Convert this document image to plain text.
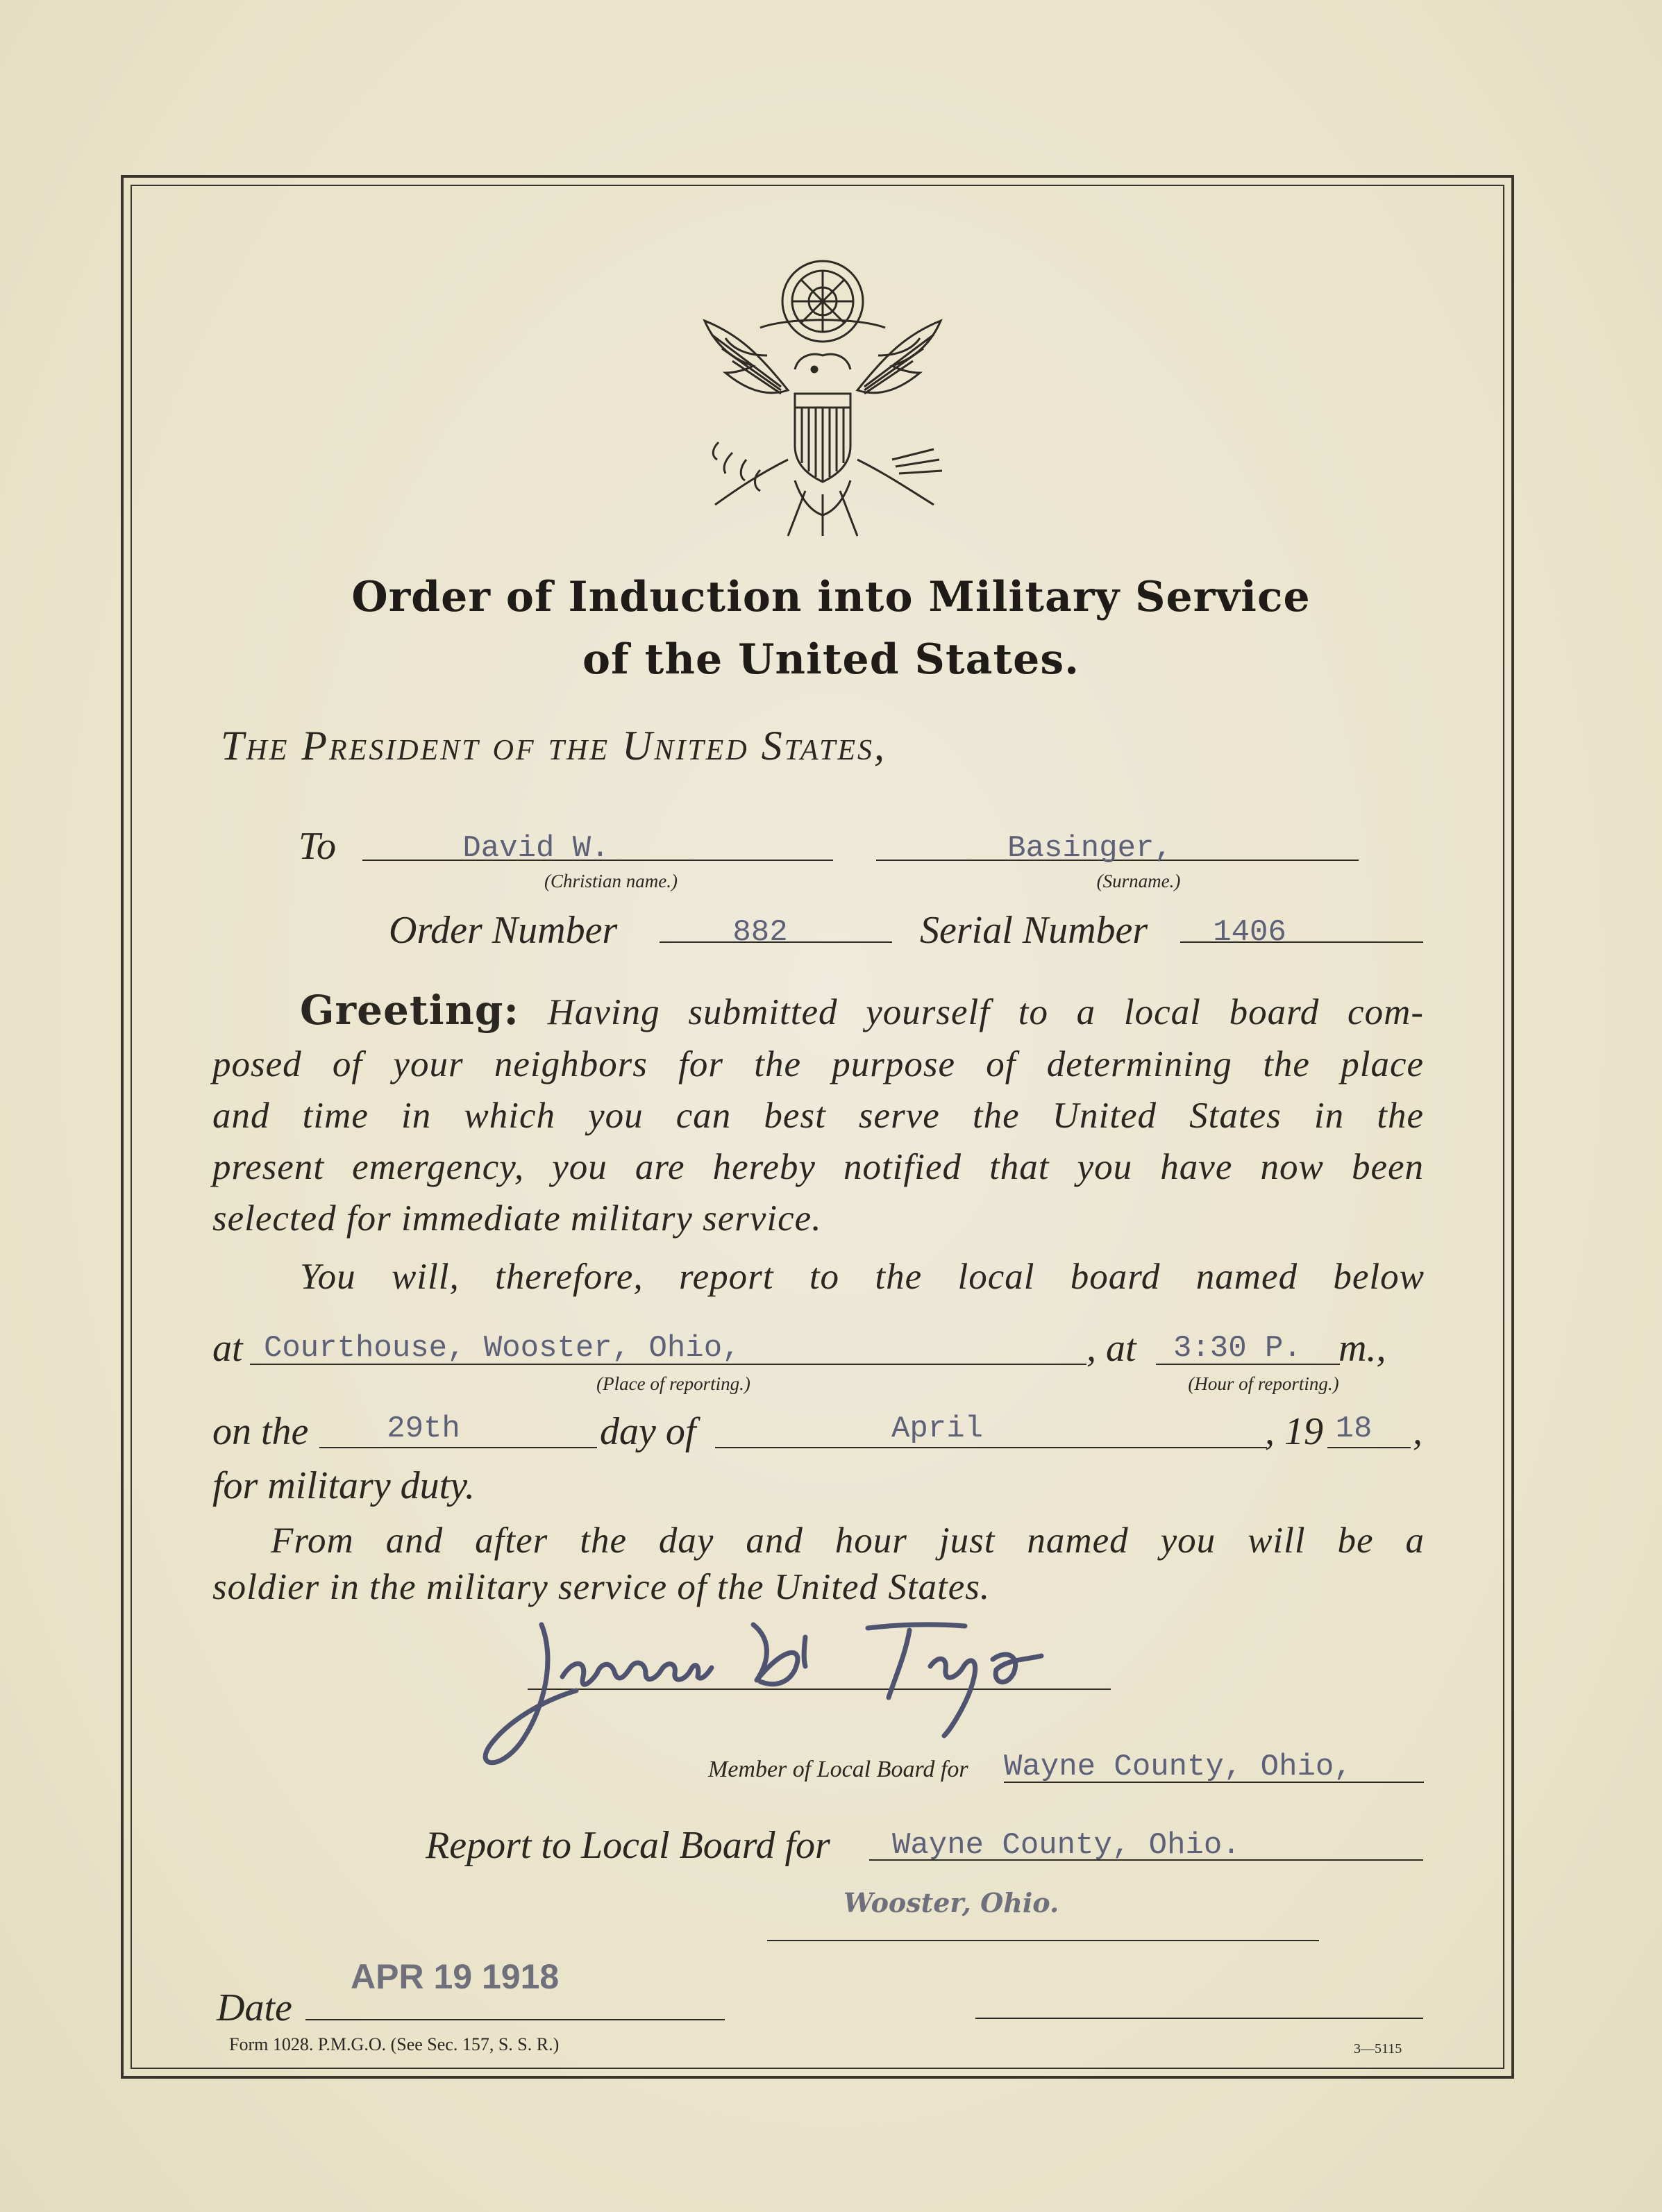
Order of Induction into Military Service
of the United States.
The President of the United States,
To	David W.
(Christian name.)
Basinger,
(Surname.)
Order Number	882	Serial Number	1406
Greeting: Having submitted yourself to a local board com-
posed of your neighbors for the purpose of determining the place
and time in which you can best serve the United States in the
present emergency, you are hereby notified that you have now been
selected for immediate military service.
You will, therefore, report to the local board named below
at Courthouse, Wooster, Ohio,
(Place of reporting.)
, at 3:30 P. m.,
(Hour of reporting.)
on the	29th	day of	April	, 19 18	,
for military duty.
From and after the day and hour just named you will be a
soldier in the military service of the United States.
Member of Local Board for Wayne County, Ohio,
Report to Local Board for Wayne County, Ohio.
Wooster, Ohio.
Date
APR 19 1918
Form 1028. P.M.G.O. (See Sec. 157, S. S. R.)	3—5115
